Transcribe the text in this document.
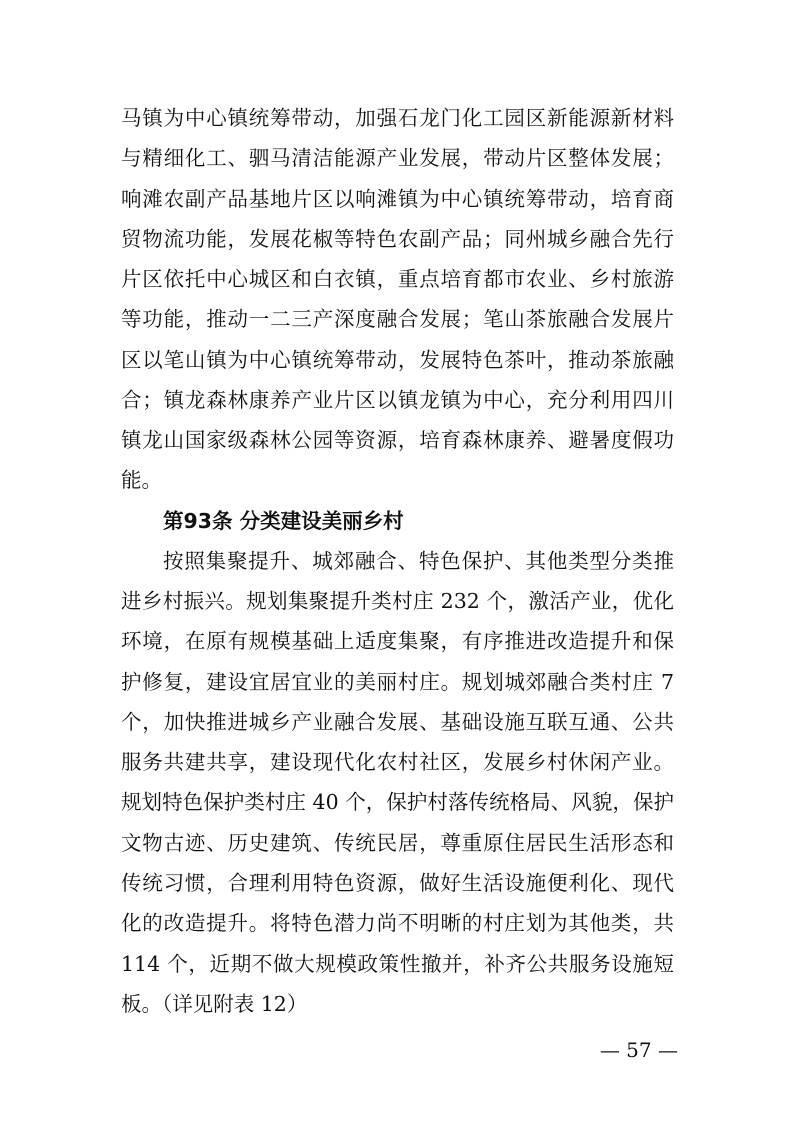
马镇为中心镇统筹带动，加强石龙门化工园区新能源新材料
与精细化工、驷马清洁能源产业发展，带动片区整体发展；
响滩农副产品基地片区以响滩镇为中心镇统筹带动，培育商
贸物流功能，发展花椒等特色农副产品；同州城乡融合先行
片区依托中心城区和白衣镇，重点培育都市农业、乡村旅游
等功能，推动一二三产深度融合发展；笔山茶旅融合发展片
区以笔山镇为中心镇统筹带动，发展特色茶叶，推动茶旅融
合；镇龙森林康养产业片区以镇龙镇为中心，充分利用四川
镇龙山国家级森林公园等资源，培育森林康养、避暑度假功
能。
第93条 分类建设美丽乡村
按照集聚提升、城郊融合、特色保护、其他类型分类推
进乡村振兴。规划集聚提升类村庄 232 个，激活产业，优化
环境，在原有规模基础上适度集聚，有序推进改造提升和保
护修复，建设宜居宜业的美丽村庄。规划城郊融合类村庄 7
个，加快推进城乡产业融合发展、基础设施互联互通、公共
服务共建共享，建设现代化农村社区，发展乡村休闲产业。
规划特色保护类村庄 40 个，保护村落传统格局、风貌，保护
文物古迹、历史建筑、传统民居，尊重原住居民生活形态和
传统习惯，合理利用特色资源，做好生活设施便利化、现代
化的改造提升。将特色潜力尚不明晰的村庄划为其他类，共
114 个，近期不做大规模政策性撤并，补齐公共服务设施短
板。（详见附表 12）
— 57 —
